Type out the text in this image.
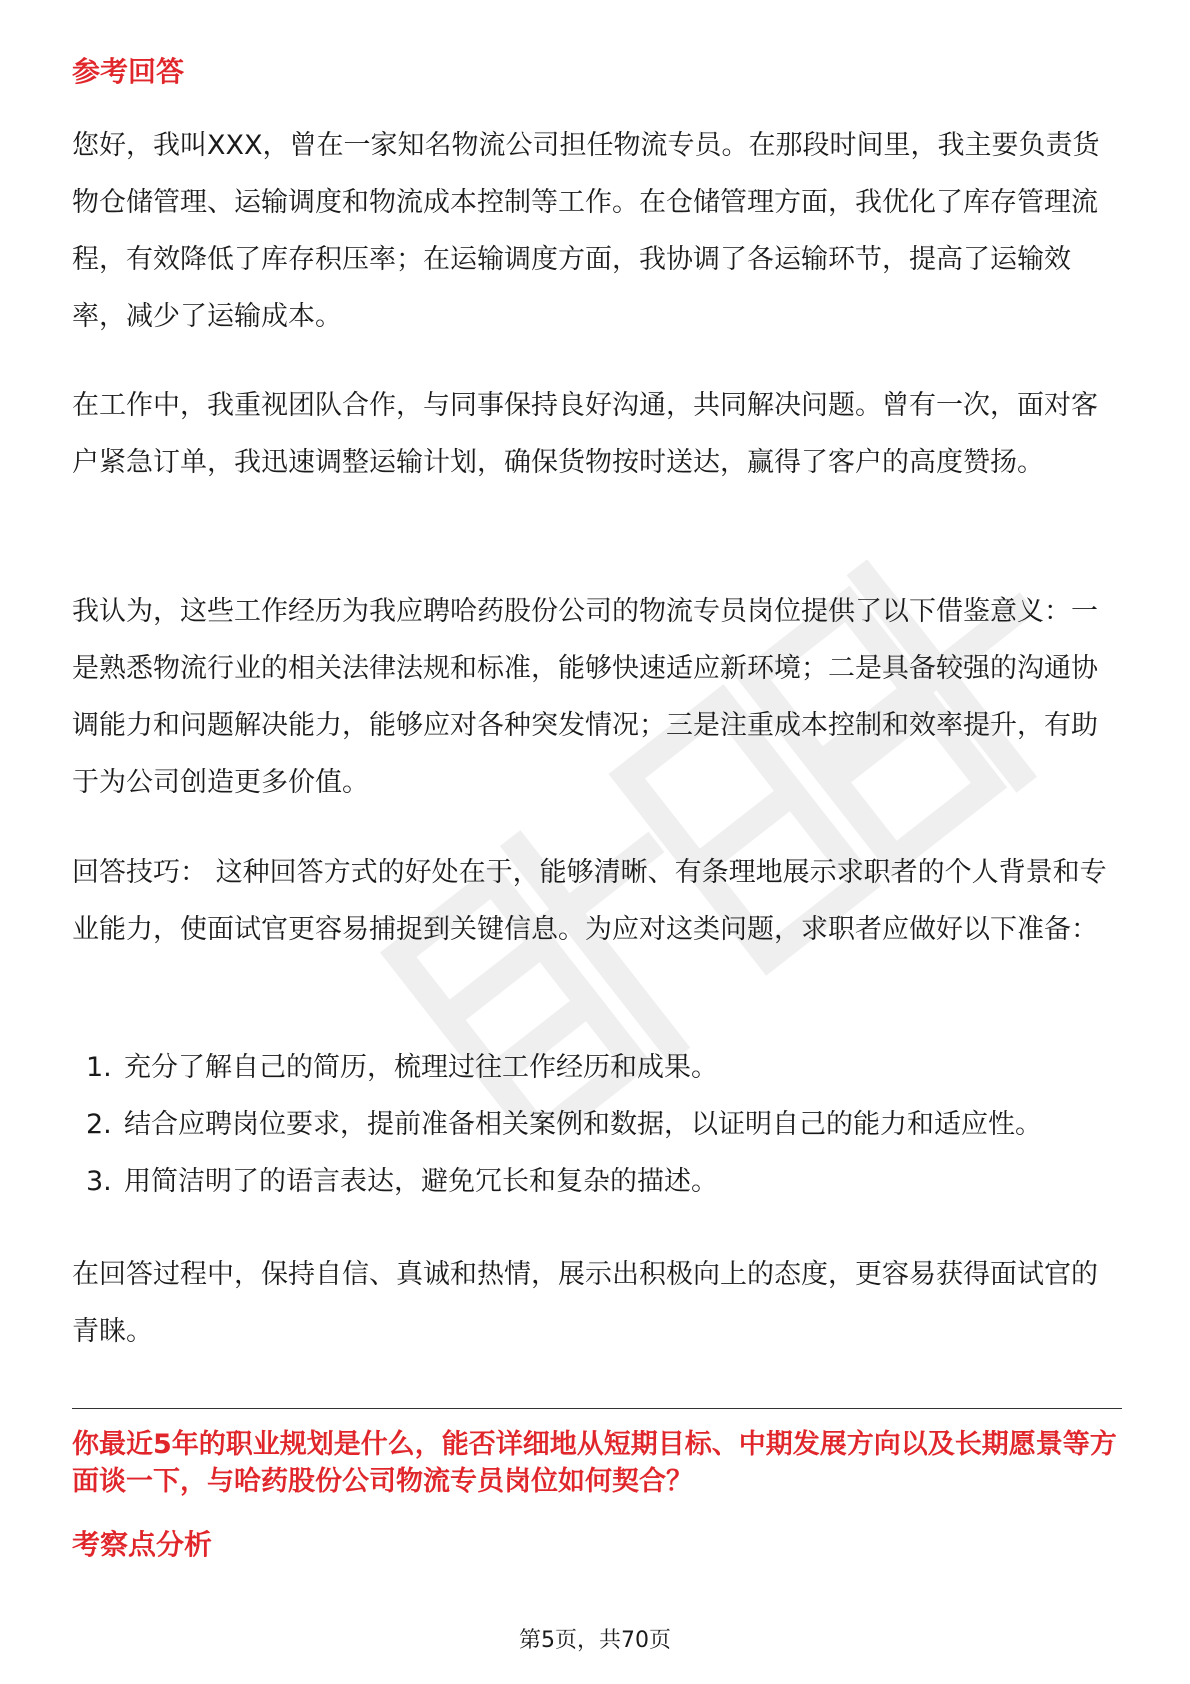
参考回答

您好，我叫XXX，曾在一家知名物流公司担任物流专员。在那段时间里，我主要负责货物仓储管理、运输调度和物流成本控制等工作。在仓储管理方面，我优化了库存管理流程，有效降低了库存积压率；在运输调度方面，我协调了各运输环节，提高了运输效率，减少了运输成本。

在工作中，我重视团队合作，与同事保持良好沟通，共同解决问题。曾有一次，面对客户紧急订单，我迅速调整运输计划，确保货物按时送达，赢得了客户的高度赞扬。

我认为，这些工作经历为我应聘哈药股份公司的物流专员岗位提供了以下借鉴意义：一是熟悉物流行业的相关法律法规和标准，能够快速适应新环境；二是具备较强的沟通协调能力和问题解决能力，能够应对各种突发情况；三是注重成本控制和效率提升，有助于为公司创造更多价值。

回答技巧： 这种回答方式的好处在于，能够清晰、有条理地展示求职者的个人背景和专业能力，使面试官更容易捕捉到关键信息。为应对这类问题，求职者应做好以下准备：

1. 充分了解自己的简历，梳理过往工作经历和成果。
2. 结合应聘岗位要求，提前准备相关案例和数据，以证明自己的能力和适应性。
3. 用简洁明了的语言表达，避免冗长和复杂的描述。

在回答过程中，保持自信、真诚和热情，展示出积极向上的态度，更容易获得面试官的青睐。

你最近5年的职业规划是什么，能否详细地从短期目标、中期发展方向以及长期愿景等方面谈一下，与哈药股份公司物流专员岗位如何契合？

考察点分析
第5页，共70页
